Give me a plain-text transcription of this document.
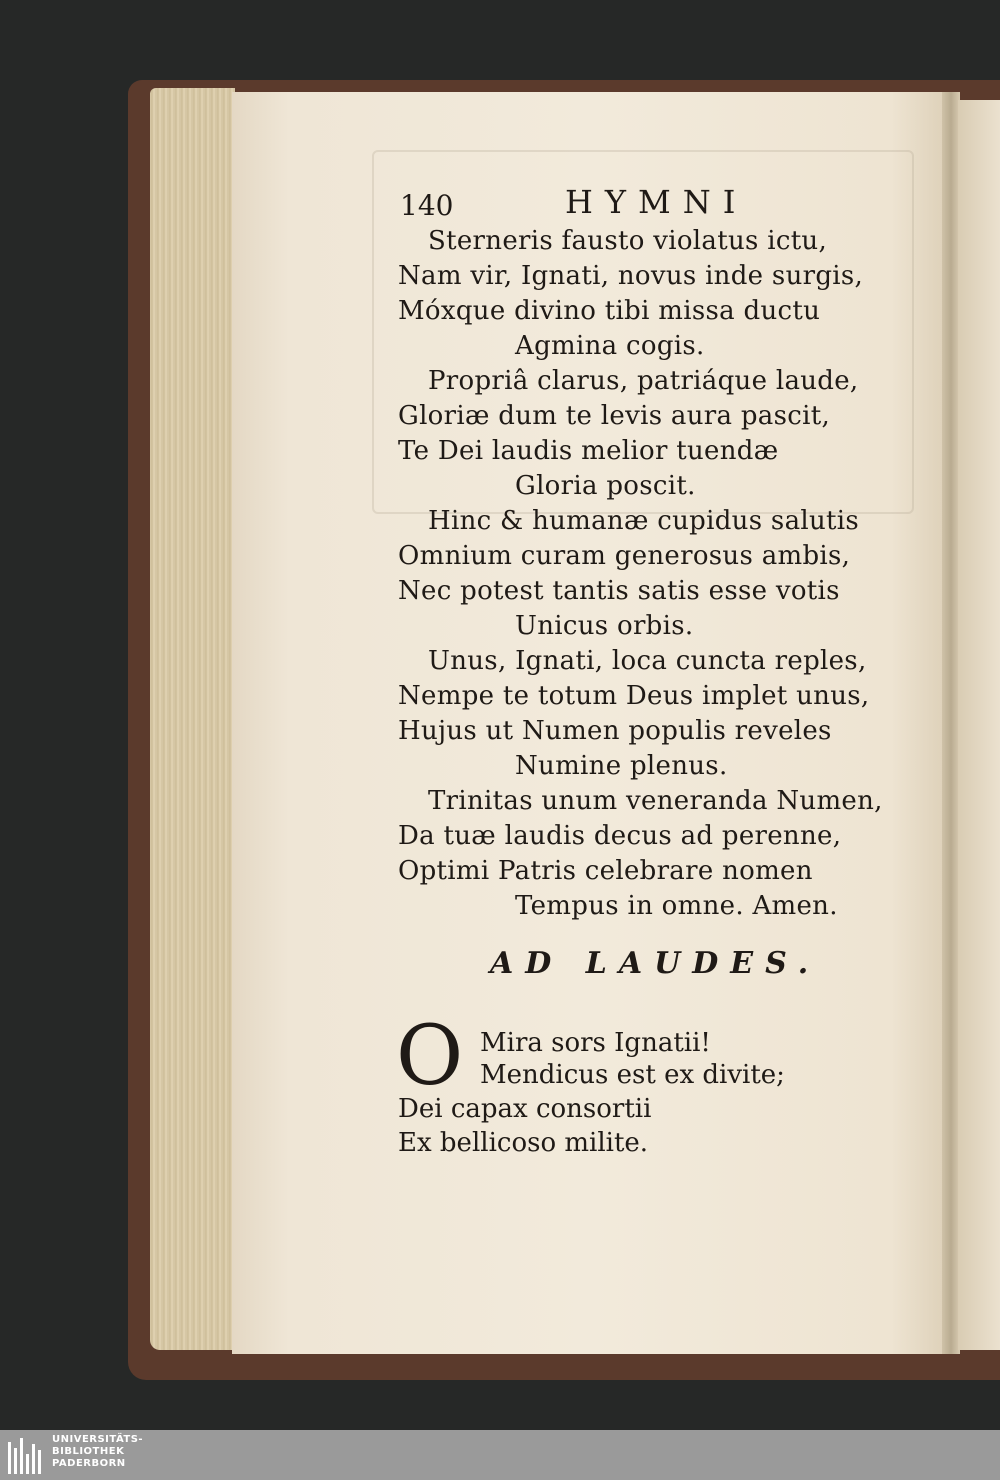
140	HYMNI
Sterneris fausto violatus ictu,
Nam vir, Ignati, novus inde surgis,
Móxque divino tibi missa ductu
Agmina cogis.
Propriâ clarus, patriáque laude,
Gloriæ dum te levis aura pascit,
Te Dei laudis melior tuendæ
Gloria poscit.
Hinc & humanæ cupidus salutis
Omnium curam generosus ambis,
Nec potest tantis satis esse votis
Unicus orbis.
Unus, Ignati, loca cuncta reples,
Nempe te totum Deus implet unus,
Hujus ut Numen populis reveles
Numine plenus.
Trinitas unum veneranda Numen,
Da tuæ laudis decus ad perenne,
Optimi Patris celebrare nomen
Tempus in omne. Amen.
AD LAUDES.
O Mira sors Ignatii!
Mendicus est ex divite;
Dei capax consortii
Ex bellicoso milite.
UNIVERSITÄTS-
BIBLIOTHEK
PADERBORN
